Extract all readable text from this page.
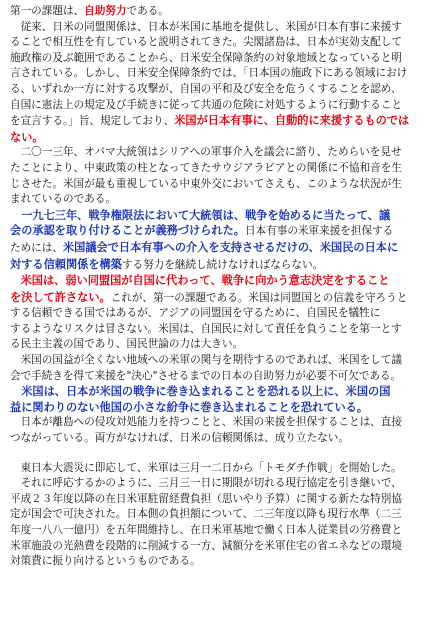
第一の課題は、自助努力である。
　従来、日米の同盟関係は、日本が米国に基地を提供し、米国が日本有事に来援す
ることで相互性を有していると説明されてきた。尖閣諸島は、日本が実効支配して
施政権の及ぶ範囲であることから、日米安全保障条約の対象地域となっていると明
言されている。しかし、日米安全保障条約では、「日本国の施政下にある領域におけ
る、いずれか一方に対する攻撃が、自国の平和及び安全を危うくすることを認め、
自国に憲法上の規定及び手続きに従って共通の危険に対処するように行動すること
を宣言する。」旨、規定しており、米国が日本有事に、自動的に来援するものでは
ない。
　二〇一三年、オバマ大統領はシリアへの軍事介入を議会に諮り、ためらいを見せ
たことにより、中東政策の柱となってきたサウジアラビアとの関係に不協和音を生
じさせた。米国が最も重視している中東外交においてさえも、このような状況が生
まれているのである。
　一九七三年、戦争権限法において大統領は、戦争を始めるに当たって、議
会の承認を取り付けることが義務づけられた。日本有事の米軍来援を担保する
ためには、米国議会で日本有事への介入を支持させるだけの、米国民の日本に
対する信頼関係を構築する努力を継続し続けなければならない。
　米国は、弱い同盟国が自国に代わって、戦争に向かう意志決定をすること
を決して許さない。これが、第一の課題である。米国は同盟国との信義を守ろうと
する信頼できる国ではあるが、アジアの同盟国を守るために、自国民を犠牲に
するようなリスクは冒さない。米国は、自国民に対して責任を負うことを第一とす
る民主主義の国であり、国民世論の力は大きい。
　米国の国益が全くない地域への米軍の関与を期待するのであれば、米国をして議
会で手続きを得て来援を"決心"させるまでの日本の自助努力が必要不可欠である。
　米国は、日本が米国の戦争に巻き込まれることを恐れる以上に、米国の国
益に関わりのない他国の小さな紛争に巻き込まれることを恐れている。
　日本が離島への侵攻対処能力を持つことと、米国の来援を担保することは、直接
つながっている。両方がなければ、日米の信頼関係は、成り立たない。
　東日本大震災に即応して、米軍は三月一二日から「トモダチ作戦」を開始した。
　それに呼応するかのように、三月三一日に期限が切れる現行協定を引き継いで、
平成２３年度以降の在日米軍駐留経費負担（思いやり予算）に関する新たな特別協
定が国会で可決された。日本側の負担額について、二三年度以降も現行水準（二三
年度一八八一億円）を五年間維持し、在日米軍基地で働く日本人従業員の労務費と
米軍施設の光熱費を段階的に削減する一方、減額分を米軍住宅の省エネなどの環境
対策費に振り向けるというものである。
